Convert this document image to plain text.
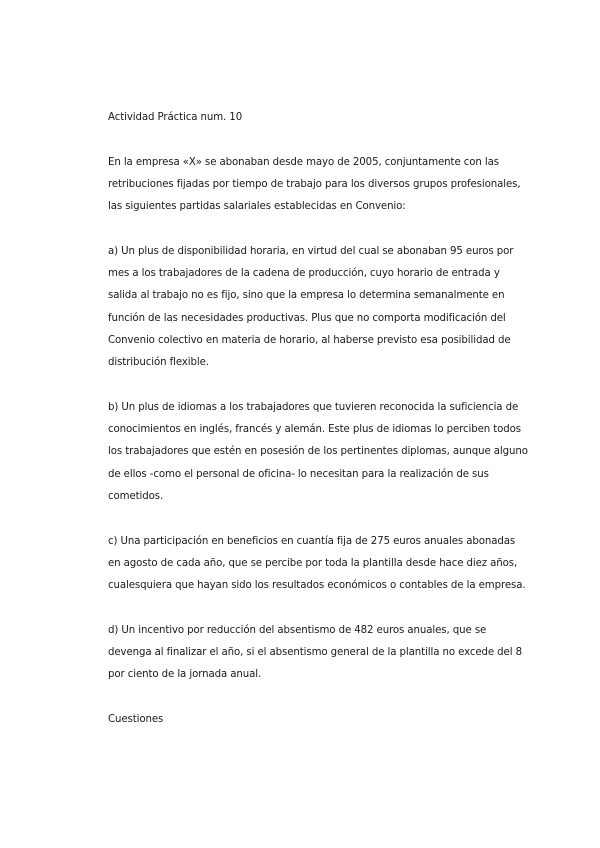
Actividad Práctica num. 10

En la empresa «X» se abonaban desde mayo de 2005, conjuntamente con las retribuciones fijadas por tiempo de trabajo para los diversos grupos profesionales, las siguientes partidas salariales establecidas en Convenio:

a) Un plus de disponibilidad horaria, en virtud del cual se abonaban 95 euros por mes a los trabajadores de la cadena de producción, cuyo horario de entrada y salida al trabajo no es fijo, sino que la empresa lo determina semanalmente en función de las necesidades productivas. Plus que no comporta modificación del Convenio colectivo en materia de horario, al haberse previsto esa posibilidad de distribución flexible.

b) Un plus de idiomas a los trabajadores que tuvieren reconocida la suficiencia de conocimientos en inglés, francés y alemán. Este plus de idiomas lo perciben todos los trabajadores que estén en posesión de los pertinentes diplomas, aunque alguno de ellos -como el personal de oficina- lo necesitan para la realización de sus cometidos.

c) Una participación en beneficios en cuantía fija de 275 euros anuales abonadas en agosto de cada año, que se percibe por toda la plantilla desde hace diez años, cualesquiera que hayan sido los resultados económicos o contables de la empresa.

d) Un incentivo por reducción del absentismo de 482 euros anuales, que se devenga al finalizar el año, si el absentismo general de la plantilla no excede del 8 por ciento de la jornada anual.

Cuestiones
